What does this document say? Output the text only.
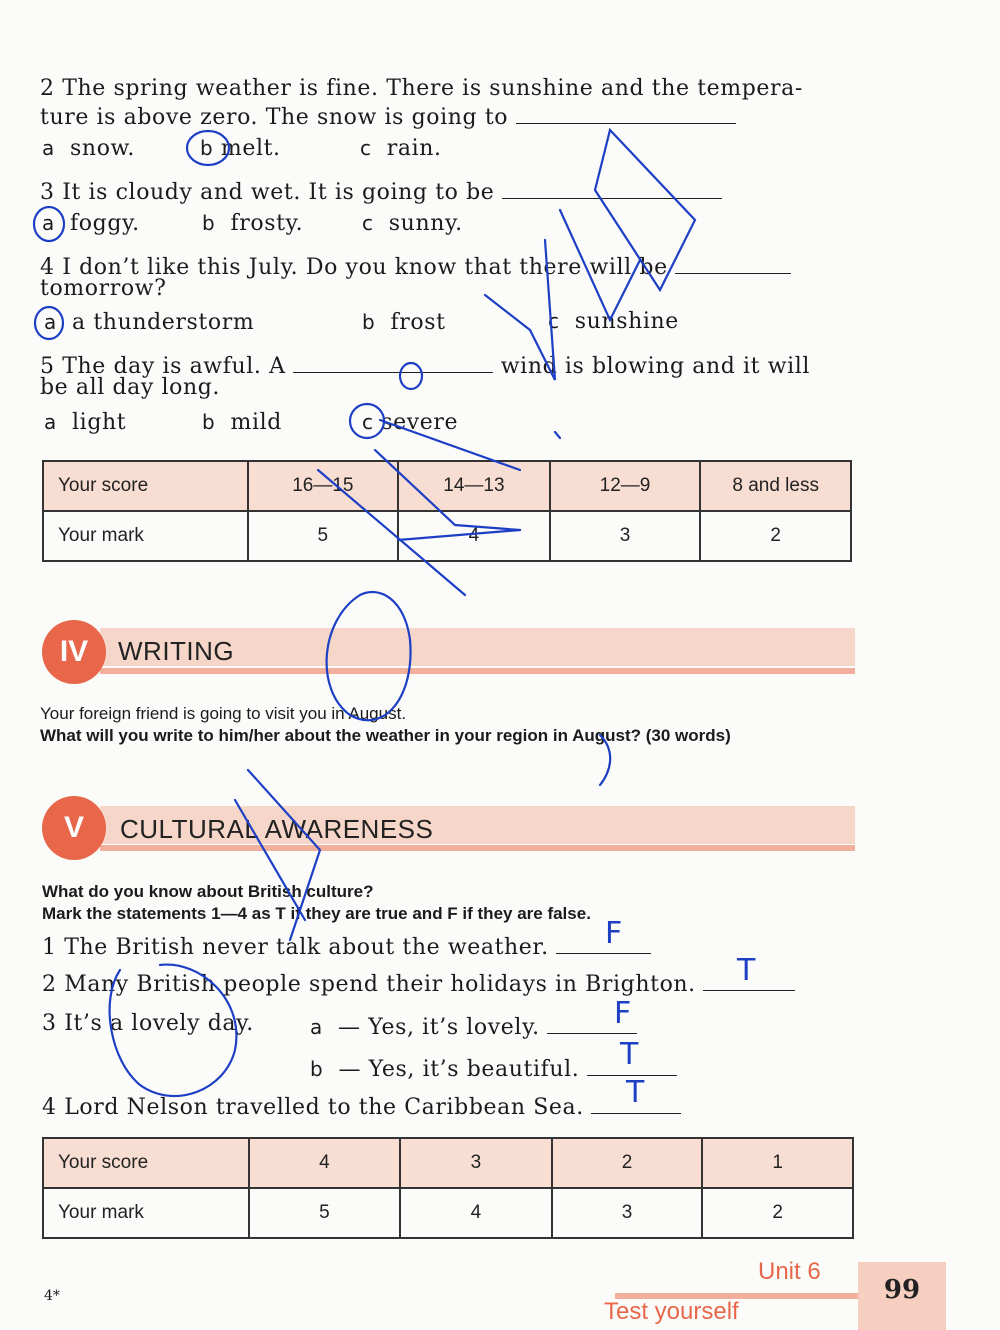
2 The spring weather is fine. There is sunshine and the tempera-
ture is above zero. The snow is going to
a snow.	b melt.	c rain.
3 It is cloudy and wet. It is going to be
a foggy.	b frosty.	c sunny.
4 I don’t like this July. Do you know that there will be
tomorrow?
a a thunderstorm	b frost	c sunshine
5 The day is awful. A	wind is blowing and it will
be all day long.
a light	b mild	c severe
Your score	16—15	14—13	12—9	8 and less
Your mark	5	4	3	2
IV	WRITING
Your foreign friend is going to visit you in August.
What will you write to him/her about the weather in your region in August? (30 words)
V	CULTURAL AWARENESS
What do you know about British culture?
Mark the statements 1—4 as T if they are true and F if they are false.
1 The British never talk about the weather.
2 Many British people spend their holidays in Brighton.
3 It’s a lovely day.	a — Yes, it’s lovely.
b — Yes, it’s beautiful.
4 Lord Nelson travelled to the Caribbean Sea.
F
T
F
T
T
Your score	4	3	2	1
Your mark	5	4	3	2
4*
Unit 6
Test yourself
99
